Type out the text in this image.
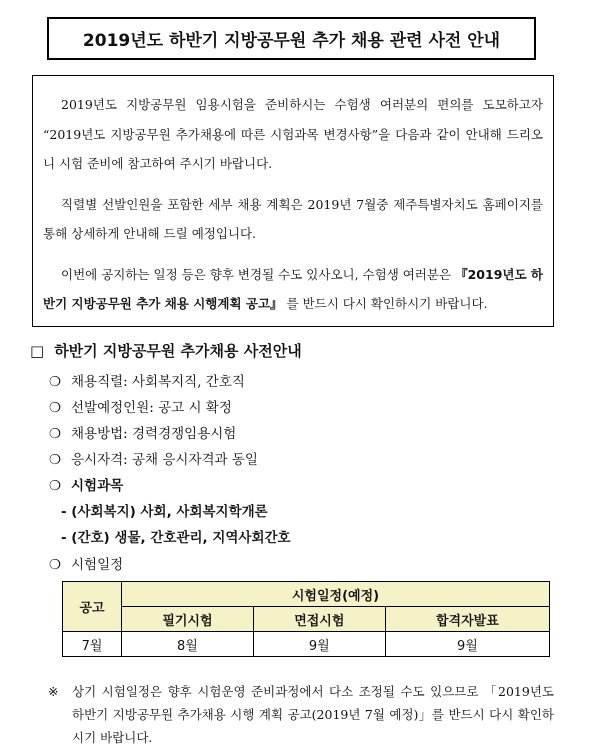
2019년도 하반기 지방공무원 추가 채용 관련 사전 안내

2019년도 지방공무원 임용시험을 준비하시는 수험생 여러분의 편의를 도모하고자 “2019년도 지방공무원 추가채용에 따른 시험과목 변경사항”을 다음과 같이 안내해 드리오니 시험 준비에 참고하여 주시기 바랍니다.

직렬별 선발인원을 포함한 세부 채용 계획은 2019년 7월중 제주특별자치도 홈페이지를 통해 상세하게 안내해 드릴 예정입니다.

이번에 공지하는 일정 등은 향후 변경될 수도 있사오니, 수험생 여러분은 『2019년도 하반기 지방공무원 추가 채용 시행계획 공고』 를 반드시 다시 확인하시기 바랍니다.

□ 하반기 지방공무원 추가채용 사전안내
❍ 채용직렬: 사회복지직, 간호직
❍ 선발예정인원: 공고 시 확정
❍ 채용방법: 경력경쟁임용시험
❍ 응시자격: 공채 응시자격과 동일
❍ 시험과목
- (사회복지) 사회, 사회복지학개론
- (간호) 생물, 간호관리, 지역사회간호
❍ 시험일정
공고	시험일정(예정)		
	필기시험	면접시험	합격자발표
7월	8월	9월	9월
※ 상기 시험일정은 향후 시험운영 준비과정에서 다소 조정될 수도 있으므로 「2019년도 하반기 지방공무원 추가채용 시행 계획 공고(2019년 7월 예정)」를 반드시 다시 확인하시기 바랍니다.
